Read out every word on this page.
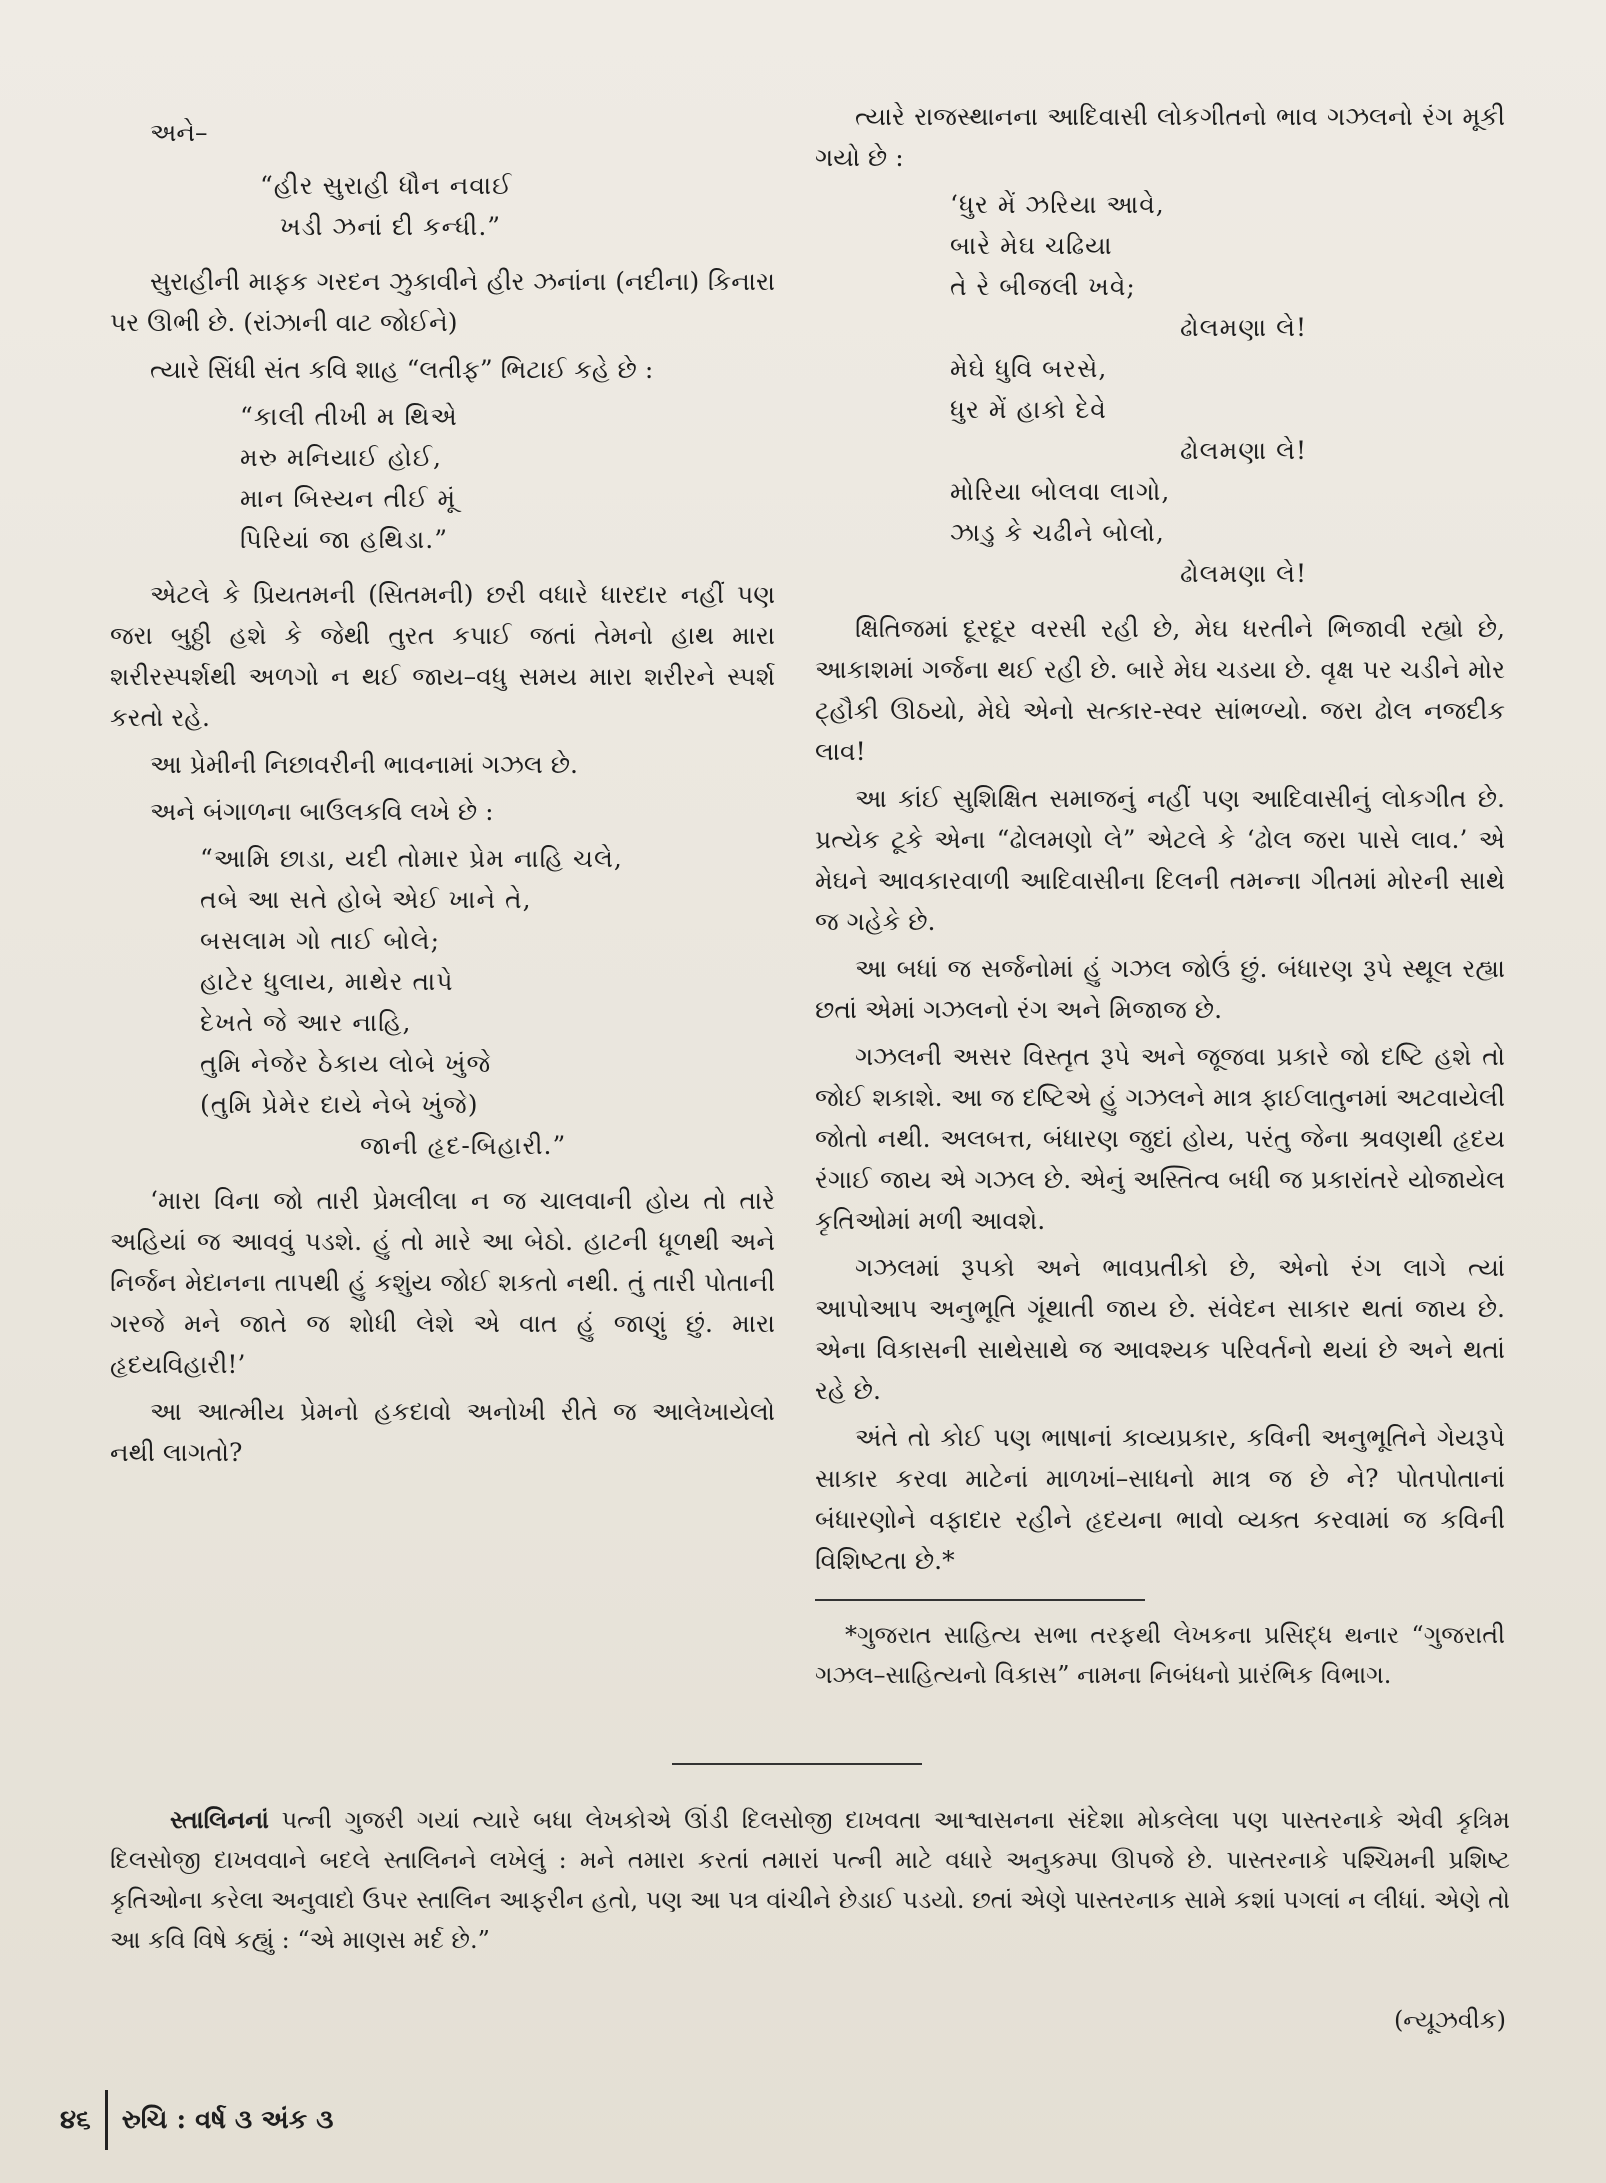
અને–
“હીર સુરાહી ધૌન નવાઈ
ખડી ઝનાં દી કન્ધી.”

સુરાહીની માફક ગરદન ઝુકાવીને હીર ઝનાંના (નદીના) કિનારા પર ઊભી છે. (રાંઝાની વાટ જોઈને)

ત્યારે સિંધી સંત કવિ શાહ “લતીફ” ભિટાઈ કહે છે :

“કાલી તીખી મ થિએ
મરુ મનિયાઈ હોઈ,
માન બિસ્યન તીઈ મૂં
પિરિયાં જા હથિડા.”

એટલે કે પ્રિયતમની (સિતમની) છરી વધારે ધારદાર નહીં પણ જરા બુઠ્ઠી હશે કે જેથી તુરત કપાઈ જતાં તેમનો હાથ મારા શરીરસ્પર્શથી અળગો ન થઈ જાય–વધુ સમય મારા શરીરને સ્પર્શ કરતો રહે.

આ પ્રેમીની નિછાવરીની ભાવનામાં ગઝલ છે.

અને બંગાળના બાઉલકવિ લખે છે :

“આમિ છાડા, યદી તોમાર પ્રેમ નાહિ ચલે,
તબે આ સતે હોબે એઈ ખાને તે,
બસલામ ગો તાઈ બોલે;
હાટેર ધુલાય, માથેર તાપે
દેખતે જે આર નાહિ,
તુમિ નેજેર ઠેકાય લોબે ખુંજે
(તુમિ પ્રેમેર દાયે નેબે ખુંજે)
જાની હૃદ-બિહારી.”

‘મારા વિના જો તારી પ્રેમલીલા ન જ ચાલવાની હોય તો તારે અહિયાં જ આવવું પડશે. હું તો મારે આ બેઠો. હાટની ધૂળથી અને નિર્જન મેદાનના તાપથી હું કશુંય જોઈ શકતો નથી. તું તારી પોતાની ગરજે મને જાતે જ શોધી લેશે એ વાત હું જાણું છું. મારા હૃદયવિહારી!’

આ આત્મીય પ્રેમનો હકદાવો અનોખી રીતે જ આલેખાયેલો નથી લાગતો?

ત્યારે રાજસ્થાનના આદિવાસી લોકગીતનો ભાવ ગઝલનો રંગ મૂકી ગયો છે :

‘ધુર મેં ઝરિયા આવે,
બારે મેઘ ચઢિયા
તે રે બીજલી ખવે;
ઢોલમણા લે!
મેઘે ધુવિ બરસે,
ધુર મેં હાકો દેવે
ઢોલમણા લે!
મોરિયા બોલવા લાગો,
ઝાડુ કે ચઢીને બોલો,
ઢોલમણા લે!

ક્ષિતિજમાં દૂરદૂર વરસી રહી છે, મેઘ ધરતીને ભિજાવી રહ્યો છે, આકાશમાં ગર્જના થઈ રહી છે. બારે મેઘ ચડયા છે. વૃક્ષ પર ચડીને મોર ટ્હૌકી ઊઠયો, મેઘે એનો સત્કાર-સ્વર સાંભળ્યો. જરા ઢોલ નજદીક લાવ!

આ કાંઈ સુશિક્ષિત સમાજનું નહીં પણ આદિવાસીનું લોકગીત છે. પ્રત્યેક ટૂકે એના “ઢોલમણો લે” એટલે કે ‘ઢોલ જરા પાસે લાવ.’ એ મેઘને આવકારવાળી આદિવાસીના દિલની તમન્ના ગીતમાં મોરની સાથે જ ગહેકે છે.

આ બધાં જ સર્જનોમાં હું ગઝલ જોઉં છું. બંધારણ રૂપે સ્થૂલ રહ્યા છતાં એમાં ગઝલનો રંગ અને મિજાજ છે.

ગઝલની અસર વિસ્તૃત રૂપે અને જૂજવા પ્રકારે જો દષ્ટિ હશે તો જોઈ શકાશે. આ જ દષ્ટિએ હું ગઝલને માત્ર ફાઈલાતુનમાં અટવાયેલી જોતો નથી. અલબત્ત, બંધારણ જુદાં હોય, પરંતુ જેના શ્રવણથી હૃદય રંગાઈ જાય એ ગઝલ છે. એનું અસ્તિત્વ બધી જ પ્રકારાંતરે યોજાયેલ કૃતિઓમાં મળી આવશે.

ગઝલમાં રૂપકો અને ભાવપ્રતીકો છે, એનો રંગ લાગે ત્યાં આપોઆપ અનુભૂતિ ગૂંથાતી જાય છે. સંવેદન સાકાર થતાં જાય છે. એના વિકાસની સાથેસાથે જ આવશ્યક પરિવર્તનો થયાં છે અને થતાં રહે છે.

અંતે તો કોઈ પણ ભાષાનાં કાવ્યપ્રકાર, કવિની અનુભૂતિને ગેયરૂપે સાકાર કરવા માટેનાં માળખાં–સાધનો માત્ર જ છે ને? પોતપોતાનાં બંધારણોને વફાદાર રહીને હૃદયના ભાવો વ્યક્ત કરવામાં જ કવિની વિશિષ્ટતા છે.*

*ગુજરાત સાહિત્ય સભા તરફથી લેખકના પ્રસિદ્ધ થનાર “ગુજરાતી ગઝલ–સાહિત્યનો વિકાસ” નામના નિબંધનો પ્રારંભિક વિભાગ.

સ્તાલિનનાં પત્ની ગુજરી ગયાં ત્યારે બધા લેખકોએ ઊંડી દિલસોજી દાખવતા આશ્વાસનના સંદેશા મોકલેલા પણ પાસ્તરનાકે એવી કૃત્રિમ દિલસોજી દાખવવાને બદલે સ્તાલિનને લખેલું : મને તમારા કરતાં તમારાં પત્ની માટે વધારે અનુકમ્પા ઊપજે છે. પાસ્તરનાકે પશ્ચિમની પ્રશિષ્ટ કૃતિઓના કરેલા અનુવાદો ઉપર સ્તાલિન આફરીન હતો, પણ આ પત્ર વાંચીને છેડાઈ પડયો. છતાં એણે પાસ્તરનાક સામે કશાં પગલાં ન લીધાં. એણે તો આ કવિ વિષે કહ્યું : “એ માણસ મર્દ છે.”

(ન્યૂઝવીક)
૪૬ રુચિ : વર્ષ ૩ અંક ૩
